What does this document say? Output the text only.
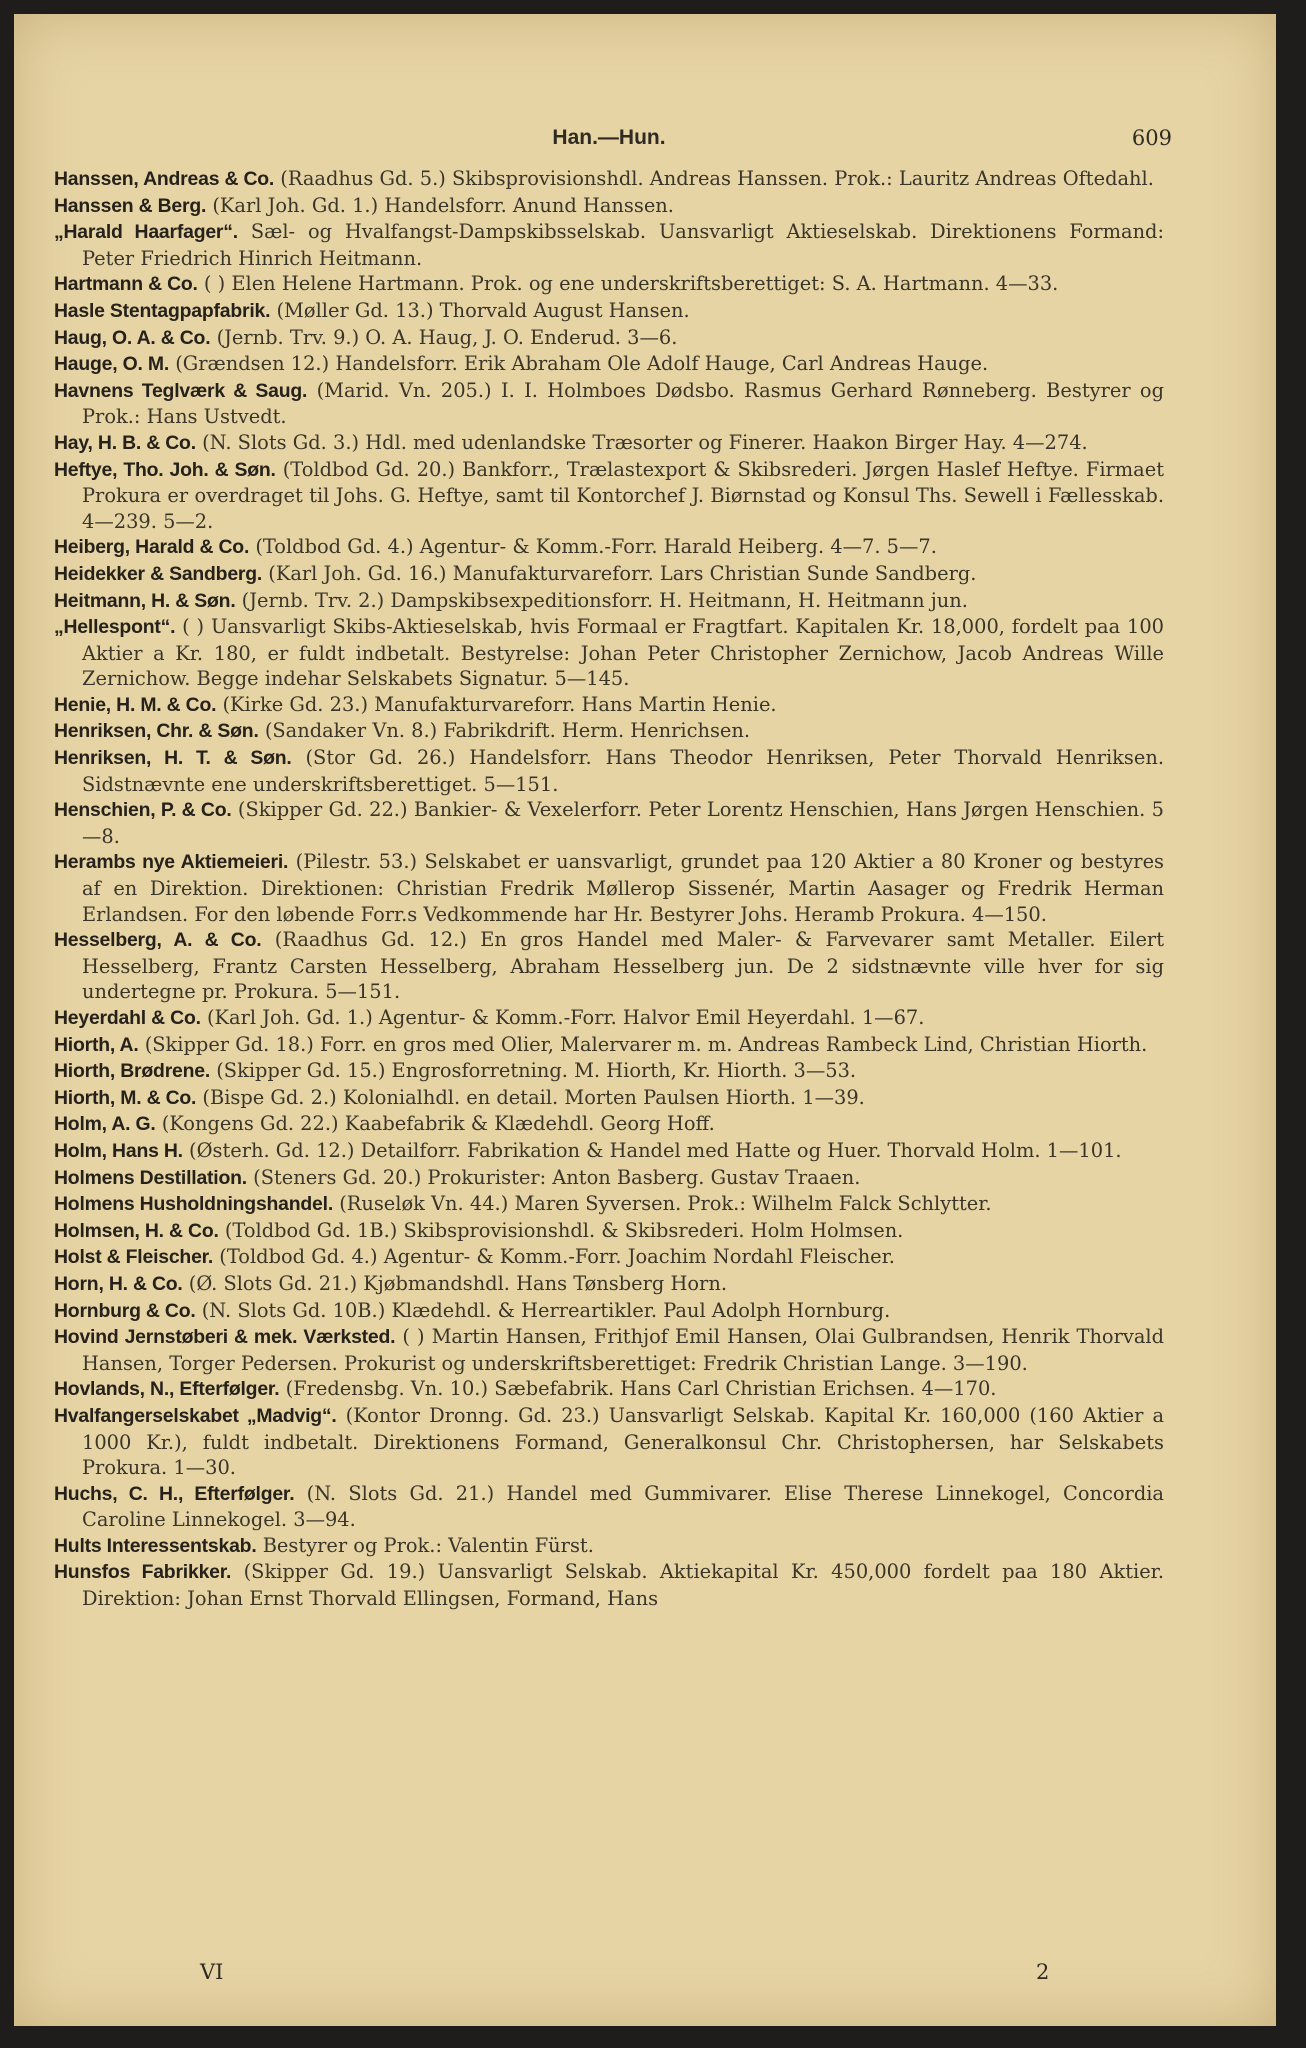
Han.—Hun.	609
Hanssen, Andreas & Co. (Raadhus Gd. 5.) Skibsprovisionshdl. Andreas Hanssen. Prok.: Lauritz Andreas Oftedahl.
Hanssen & Berg. (Karl Joh. Gd. 1.) Handelsforr. Anund Hanssen.
„Harald Haarfager“. Sæl- og Hvalfangst-Dampskibsselskab. Uansvarligt Aktieselskab. Direktionens Formand: Peter Friedrich Hinrich Heitmann.
Hartmann & Co. ( ) Elen Helene Hartmann. Prok. og ene underskriftsberettiget: S. A. Hartmann. 4—33.
Hasle Stentagpapfabrik. (Møller Gd. 13.) Thorvald August Hansen.
Haug, O. A. & Co. (Jernb. Trv. 9.) O. A. Haug, J. O. Enderud. 3—6.
Hauge, O. M. (Grændsen 12.) Handelsforr. Erik Abraham Ole Adolf Hauge, Carl Andreas Hauge.
Havnens Teglværk & Saug. (Marid. Vn. 205.) I. I. Holmboes Dødsbo. Rasmus Gerhard Rønneberg. Bestyrer og Prok.: Hans Ustvedt.
Hay, H. B. & Co. (N. Slots Gd. 3.) Hdl. med udenlandske Træsorter og Finerer. Haakon Birger Hay. 4—274.
Heftye, Tho. Joh. & Søn. (Toldbod Gd. 20.) Bankforr., Trælastexport & Skibsrederi. Jørgen Haslef Heftye. Firmaet Prokura er overdraget til Johs. G. Heftye, samt til Kontorchef J. Biørnstad og Konsul Ths. Sewell i Fællesskab. 4—239. 5—2.
Heiberg, Harald & Co. (Toldbod Gd. 4.) Agentur- & Komm.-Forr. Harald Heiberg. 4—7. 5—7.
Heidekker & Sandberg. (Karl Joh. Gd. 16.) Manufakturvareforr. Lars Christian Sunde Sandberg.
Heitmann, H. & Søn. (Jernb. Trv. 2.) Dampskibsexpeditionsforr. H. Heitmann, H. Heitmann jun.
„Hellespont“. ( ) Uansvarligt Skibs-Aktieselskab, hvis Formaal er Fragtfart. Kapitalen Kr. 18,000, fordelt paa 100 Aktier a Kr. 180, er fuldt indbetalt. Bestyrelse: Johan Peter Christopher Zernichow, Jacob Andreas Wille Zernichow. Begge indehar Selskabets Signatur. 5—145.
Henie, H. M. & Co. (Kirke Gd. 23.) Manufakturvareforr. Hans Martin Henie.
Henriksen, Chr. & Søn. (Sandaker Vn. 8.) Fabrikdrift. Herm. Henrichsen.
Henriksen, H. T. & Søn. (Stor Gd. 26.) Handelsforr. Hans Theodor Henriksen, Peter Thorvald Henriksen. Sidstnævnte ene underskriftsberettiget. 5—151.
Henschien, P. & Co. (Skipper Gd. 22.) Bankier- & Vexelerforr. Peter Lorentz Henschien, Hans Jørgen Henschien. 5—8.
Herambs nye Aktiemeieri. (Pilestr. 53.) Selskabet er uansvarligt, grundet paa 120 Aktier a 80 Kroner og bestyres af en Direktion. Direktionen: Christian Fredrik Møllerop Sissenér, Martin Aasager og Fredrik Herman Erlandsen. For den løbende Forr.s Vedkommende har Hr. Bestyrer Johs. Heramb Prokura. 4—150.
Hesselberg, A. & Co. (Raadhus Gd. 12.) En gros Handel med Maler- & Farvevarer samt Metaller. Eilert Hesselberg, Frantz Carsten Hesselberg, Abraham Hesselberg jun. De 2 sidstnævnte ville hver for sig undertegne pr. Prokura. 5—151.
Heyerdahl & Co. (Karl Joh. Gd. 1.) Agentur- & Komm.-Forr. Halvor Emil Heyerdahl. 1—67.
Hiorth, A. (Skipper Gd. 18.) Forr. en gros med Olier, Malervarer m. m. Andreas Rambeck Lind, Christian Hiorth.
Hiorth, Brødrene. (Skipper Gd. 15.) Engrosforretning. M. Hiorth, Kr. Hiorth. 3—53.
Hiorth, M. & Co. (Bispe Gd. 2.) Kolonialhdl. en detail. Morten Paulsen Hiorth. 1—39.
Holm, A. G. (Kongens Gd. 22.) Kaabefabrik & Klædehdl. Georg Hoff.
Holm, Hans H. (Østerh. Gd. 12.) Detailforr. Fabrikation & Handel med Hatte og Huer. Thorvald Holm. 1—101.
Holmens Destillation. (Steners Gd. 20.) Prokurister: Anton Basberg. Gustav Traaen.
Holmens Husholdningshandel. (Ruseløk Vn. 44.) Maren Syversen. Prok.: Wilhelm Falck Schlytter.
Holmsen, H. & Co. (Toldbod Gd. 1B.) Skibsprovisionshdl. & Skibsrederi. Holm Holmsen.
Holst & Fleischer. (Toldbod Gd. 4.) Agentur- & Komm.-Forr. Joachim Nordahl Fleischer.
Horn, H. & Co. (Ø. Slots Gd. 21.) Kjøbmandshdl. Hans Tønsberg Horn.
Hornburg & Co. (N. Slots Gd. 10B.) Klædehdl. & Herreartikler. Paul Adolph Hornburg.
Hovind Jernstøberi & mek. Værksted. ( ) Martin Hansen, Frithjof Emil Hansen, Olai Gulbrandsen, Henrik Thorvald Hansen, Torger Pedersen. Prokurist og underskriftsberettiget: Fredrik Christian Lange. 3—190.
Hovlands, N., Efterfølger. (Fredensbg. Vn. 10.) Sæbefabrik. Hans Carl Christian Erichsen. 4—170.
Hvalfangerselskabet „Madvig“. (Kontor Dronng. Gd. 23.) Uansvarligt Selskab. Kapital Kr. 160,000 (160 Aktier a 1000 Kr.), fuldt indbetalt. Direktionens Formand, Generalkonsul Chr. Christophersen, har Selskabets Prokura. 1—30.
Huchs, C. H., Efterfølger. (N. Slots Gd. 21.) Handel med Gummivarer. Elise Therese Linnekogel, Concordia Caroline Linnekogel. 3—94.
Hults Interessentskab. Bestyrer og Prok.: Valentin Fürst.
Hunsfos Fabrikker. (Skipper Gd. 19.) Uansvarligt Selskab. Aktiekapital Kr. 450,000 fordelt paa 180 Aktier. Direktion: Johan Ernst Thorvald Ellingsen, Formand, Hans
VI	2
